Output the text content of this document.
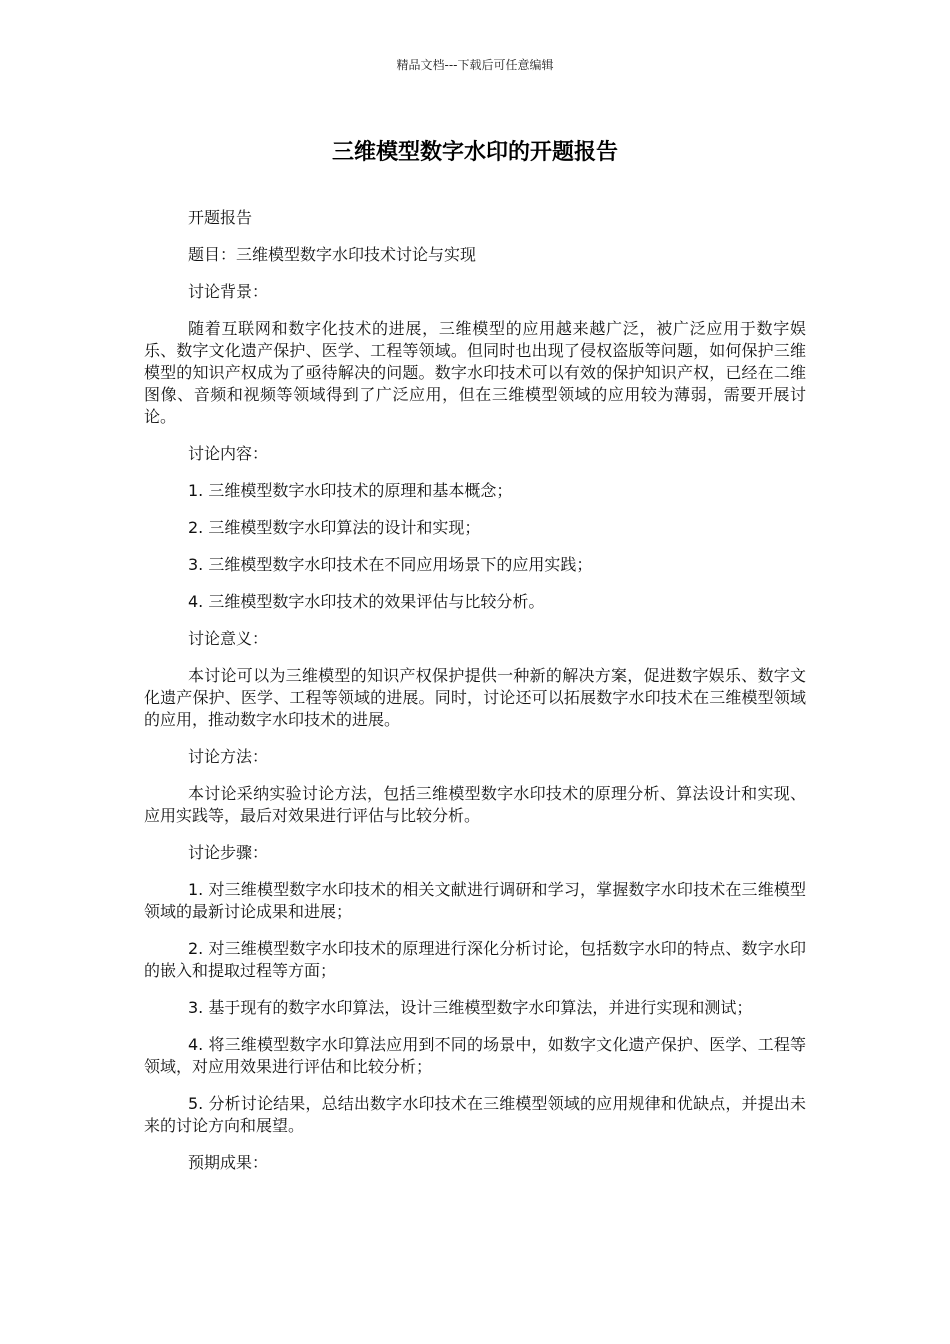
精品文档---下载后可任意编辑
三维模型数字水印的开题报告

开题报告

题目：三维模型数字水印技术讨论与实现

讨论背景：

随着互联网和数字化技术的进展，三维模型的应用越来越广泛，被广泛应用于数字娱乐、数字文化遗产保护、医学、工程等领域。但同时也出现了侵权盗版等问题，如何保护三维模型的知识产权成为了亟待解决的问题。数字水印技术可以有效的保护知识产权，已经在二维图像、音频和视频等领域得到了广泛应用，但在三维模型领域的应用较为薄弱，需要开展讨论。

讨论内容：

1. 三维模型数字水印技术的原理和基本概念；

2. 三维模型数字水印算法的设计和实现；

3. 三维模型数字水印技术在不同应用场景下的应用实践；

4. 三维模型数字水印技术的效果评估与比较分析。

讨论意义：

本讨论可以为三维模型的知识产权保护提供一种新的解决方案，促进数字娱乐、数字文化遗产保护、医学、工程等领域的进展。同时，讨论还可以拓展数字水印技术在三维模型领域的应用，推动数字水印技术的进展。

讨论方法：

本讨论采纳实验讨论方法，包括三维模型数字水印技术的原理分析、算法设计和实现、应用实践等，最后对效果进行评估与比较分析。

讨论步骤：

1. 对三维模型数字水印技术的相关文献进行调研和学习，掌握数字水印技术在三维模型领域的最新讨论成果和进展；

2. 对三维模型数字水印技术的原理进行深化分析讨论，包括数字水印的特点、数字水印的嵌入和提取过程等方面；

3. 基于现有的数字水印算法，设计三维模型数字水印算法，并进行实现和测试；

4. 将三维模型数字水印算法应用到不同的场景中，如数字文化遗产保护、医学、工程等领域，对应用效果进行评估和比较分析；

5. 分析讨论结果，总结出数字水印技术在三维模型领域的应用规律和优缺点，并提出未来的讨论方向和展望。

预期成果：
